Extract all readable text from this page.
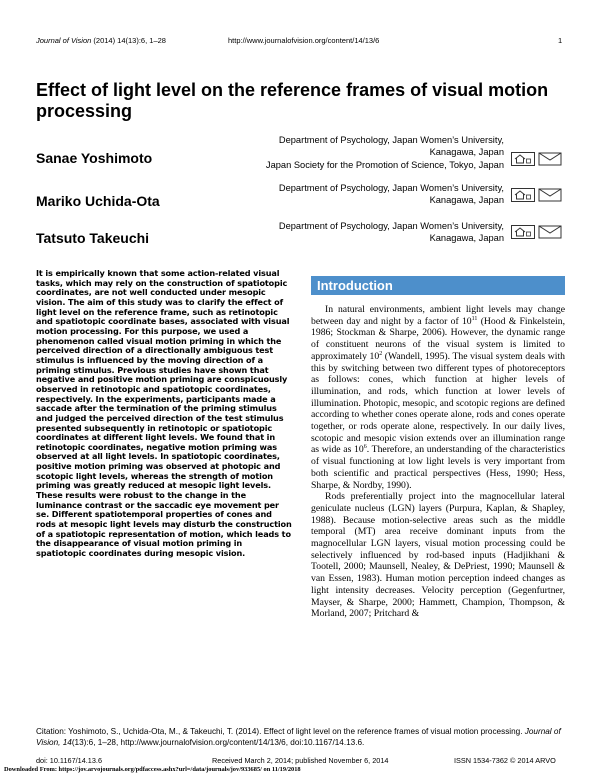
Journal of Vision (2014) 14(13):6, 1–28	http://www.journalofvision.org/content/14/13/6	1
Effect of light level on the reference frames of visual motion processing
Sanae Yoshimoto
Department of Psychology, Japan Women’s University,
Kanagawa, Japan
Japan Society for the Promotion of Science, Tokyo, Japan
Mariko Uchida-Ota
Department of Psychology, Japan Women’s University,
Kanagawa, Japan
Tatsuto Takeuchi
Department of Psychology, Japan Women’s University,
Kanagawa, Japan
It is empirically known that some action-related visual tasks, which may rely on the construction of spatiotopic coordinates, are not well conducted under mesopic vision. The aim of this study was to clarify the effect of light level on the reference frame, such as retinotopic and spatiotopic coordinate bases, associated with visual motion processing. For this purpose, we used a phenomenon called visual motion priming in which the perceived direction of a directionally ambiguous test stimulus is influenced by the moving direction of a priming stimulus. Previous studies have shown that negative and positive motion priming are conspicuously observed in retinotopic and spatiotopic coordinates, respectively. In the experiments, participants made a saccade after the termination of the priming stimulus and judged the perceived direction of the test stimulus presented subsequently in retinotopic or spatiotopic coordinates at different light levels. We found that in retinotopic coordinates, negative motion priming was observed at all light levels. In spatiotopic coordinates, positive motion priming was observed at photopic and scotopic light levels, whereas the strength of motion priming was greatly reduced at mesopic light levels. These results were robust to the change in the luminance contrast or the saccadic eye movement per se. Different spatiotemporal properties of cones and rods at mesopic light levels may disturb the construction of a spatiotopic representation of motion, which leads to the disappearance of visual motion priming in spatiotopic coordinates during mesopic vision.
Introduction

In natural environments, ambient light levels may change between day and night by a factor of $10^{11}$ (Hood & Finkelstein, 1986; Stockman & Sharpe, 2006). However, the dynamic range of constituent neurons of the visual system is limited to approximately $10^2$ (Wandell, 1995). The visual system deals with this by switching between two different types of photoreceptors as follows: cones, which function at higher levels of illumination, and rods, which function at lower levels of illumination. Photopic, mesopic, and scotopic regions are defined according to whether cones operate alone, rods and cones operate together, or rods operate alone, respectively. In our daily lives, scotopic and mesopic vision extends over an illumination range as wide as $10^6$. Therefore, an understanding of the characteristics of visual functioning at low light levels is very important from both scientific and practical perspectives (Hess, 1990; Hess, Sharpe, & Nordby, 1990).

Rods preferentially project into the magnocellular lateral geniculate nucleus (LGN) layers (Purpura, Kaplan, & Shapley, 1988). Because motion-selective areas such as the middle temporal (MT) area receive dominant inputs from the magnocellular LGN layers, visual motion processing could be selectively influenced by rod-based inputs (Hadjikhani & Tootell, 2000; Maunsell, Nealey, & DePriest, 1990; Maunsell & van Essen, 1983). Human motion perception indeed changes as light intensity decreases. Velocity perception (Gegenfurtner, Mayser, & Sharpe, 2000; Hammett, Champion, Thompson, & Morland, 2007; Pritchard &

Citation: Yoshimoto, S., Uchida-Ota, M., & Takeuchi, T. (2014). Effect of light level on the reference frames of visual motion processing. Journal of Vision, 14(13):6, 1–28, http://www.journalofvision.org/content/14/13/6, doi:10.1167/14.13.6.
doi: 10.1167/14.13.6	Received March 2, 2014; published November 6, 2014	ISSN 1534-7362 © 2014 ARVO
Downloaded From: https://jov.arvojournals.org/pdfaccess.ashx?url=/data/journals/jov/933685/ on 11/19/2018
